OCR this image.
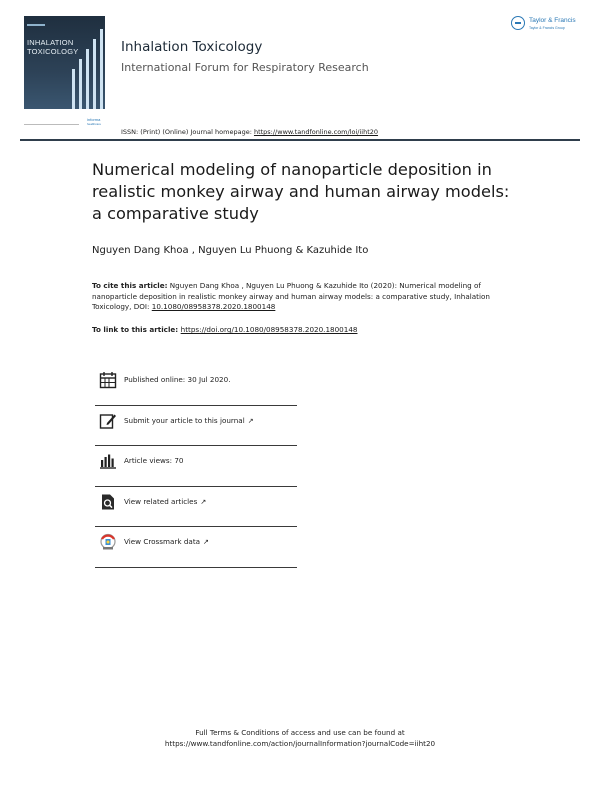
INHALATION
TOXICOLOGY
informa
healthcare
Inhalation Toxicology
International Forum for Respiratory Research
Taylor & Francis
Taylor & Francis Group
ISSN: (Print) (Online) Journal homepage: https://www.tandfonline.com/loi/iiht20
Numerical modeling of nanoparticle deposition in realistic monkey airway and human airway models: a comparative study
Nguyen Dang Khoa , Nguyen Lu Phuong & Kazuhide Ito
To cite this article: Nguyen Dang Khoa , Nguyen Lu Phuong & Kazuhide Ito (2020): Numerical modeling of nanoparticle deposition in realistic monkey airway and human airway models: a comparative study, Inhalation Toxicology, DOI: 10.1080/08958378.2020.1800148
To link to this article: https://doi.org/10.1080/08958378.2020.1800148
Published online: 30 Jul 2020.
Submit your article to this journal ↗
Article views: 70
View related articles ↗
View Crossmark data ↗
Full Terms & Conditions of access and use can be found at
https://www.tandfonline.com/action/journalInformation?journalCode=iiht20
